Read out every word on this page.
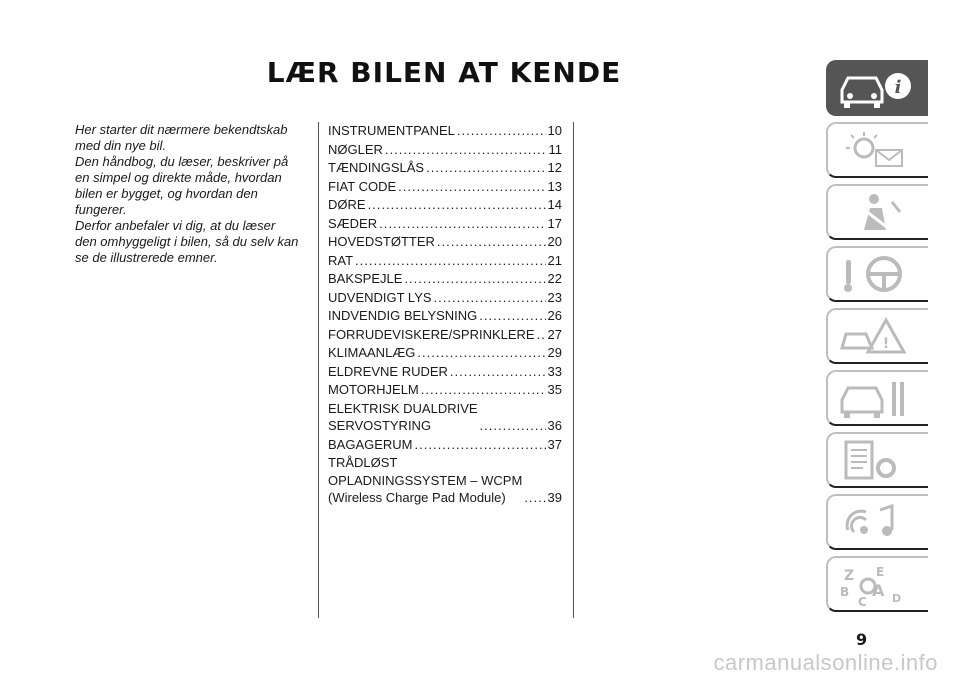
LÆR BILEN AT KENDE

Her starter dit nærmere bekendtskab med din nye bil.

Den håndbog, du læser, beskriver på en simpel og direkte måde, hvordan bilen er bygget, og hvordan den fungerer.

Derfor anbefaler vi dig, at du læser den omhyggeligt i bilen, så du selv kan se de illustrerede emner.

INSTRUMENTPANEL .....	10
NØGLER .....	11
TÆNDINGSLÅS .....	12
FIAT CODE .....	13
DØRE .....	14
SÆDER .....	17
HOVEDSTØTTER .....	20
RAT .....	21
BAKSPEJLE .....	22
UDVENDIGT LYS .....	23
INDVENDIG BELYSNING .....	26
FORRUDEVISKERE/SPRINKLERE ..... 27
KLIMAANLÆG .....	29
ELDREVNE RUDER .....	33
MOTORHJELM .....	35
ELEKTRISK DUALDRIVE
SERVOSTYRING .....	36
BAGAGERUM .....	37
TRÅDLØST
OPLADNINGSSYSTEM – WCPM
(Wireless Charge Pad Module) .....	39
i
!
Z E
B A
C D
9
carmanualsonline.info
